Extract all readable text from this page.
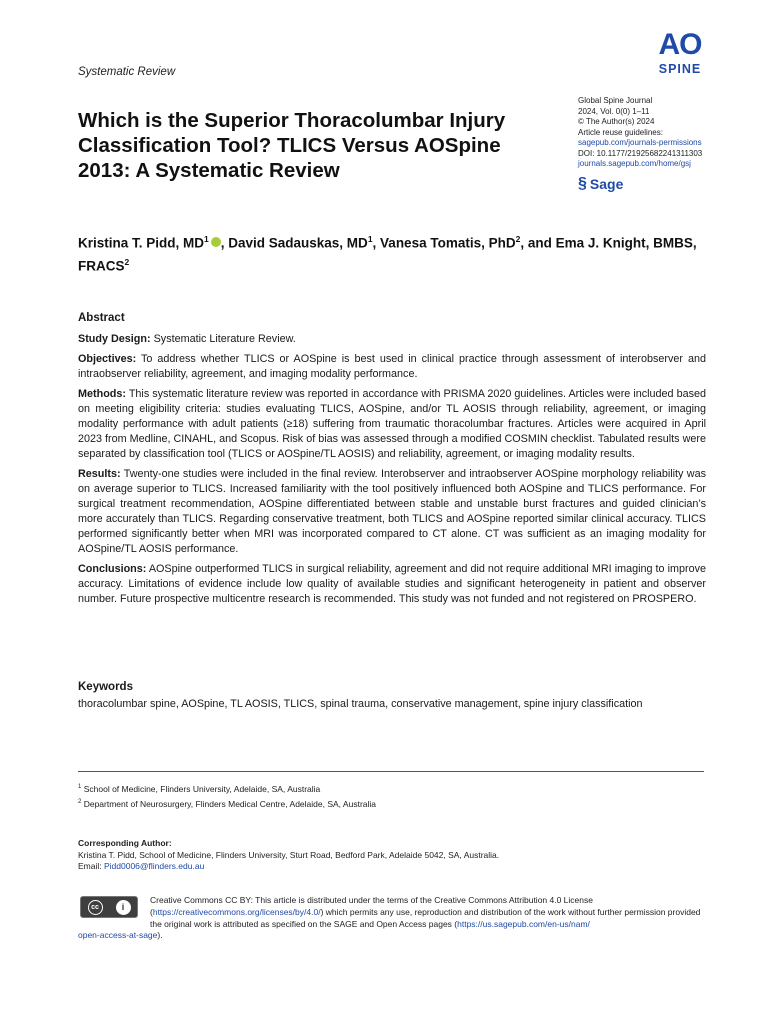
Systematic Review
AO
SPINE
Which is the Superior Thoracolumbar Injury Classification Tool? TLICS Versus AOSpine 2013: A Systematic Review
Global Spine Journal
2024, Vol. 0(0) 1–11
© The Author(s) 2024
Article reuse guidelines:
sagepub.com/journals-permissions
DOI: 10.1177/21925682241311303
journals.sagepub.com/home/gsj
§ Sage
Kristina T. Pidd, $MD^1$ , David Sadauskas, $MD^1$, Vanesa Tomatis, PhD$^2$, and Ema J. Knight, BMBS, FRACS$^2$
Abstract

Study Design: Systematic Literature Review.

Objectives: To address whether TLICS or AOSpine is best used in clinical practice through assessment of interobserver and intraobserver reliability, agreement, and imaging modality performance.

Methods: This systematic literature review was reported in accordance with PRISMA 2020 guidelines. Articles were included based on meeting eligibility criteria: studies evaluating TLICS, AOSpine, and/or TL AOSIS through reliability, agreement, or imaging modality performance with adult patients (≥18) suffering from traumatic thoracolumbar fractures. Articles were acquired in April 2023 from Medline, CINAHL, and Scopus. Risk of bias was assessed through a modified COSMIN checklist. Tabulated results were separated by classification tool (TLICS or AOSpine/TL AOSIS) and reliability, agreement, or imaging modality results.

Results: Twenty-one studies were included in the final review. Interobserver and intraobserver AOSpine morphology reliability was on average superior to TLICS. Increased familiarity with the tool positively influenced both AOSpine and TLICS performance. For surgical treatment recommendation, AOSpine differentiated between stable and unstable burst fractures and guided clinician’s more accurately than TLICS. Regarding conservative treatment, both TLICS and AOSpine reported similar clinical accuracy. TLICS performed significantly better when MRI was incorporated compared to CT alone. CT was sufficient as an imaging modality for AOSpine/TL AOSIS performance.

Conclusions: AOSpine outperformed TLICS in surgical reliability, agreement and did not require additional MRI imaging to improve accuracy. Limitations of evidence include low quality of available studies and significant heterogeneity in patient and observer number. Future prospective multicentre research is recommended. This study was not funded and not registered on PROSPERO.

Keywords
thoracolumbar spine, AOSpine, TL AOSIS, TLICS, spinal trauma, conservative management, spine injury classification
$^1$ School of Medicine, Flinders University, Adelaide, SA, Australia
$^2$ Department of Neurosurgery, Flinders Medical Centre, Adelaide, SA, Australia
Corresponding Author:
Kristina T. Pidd, School of Medicine, Flinders University, Sturt Road, Bedford Park, Adelaide 5042, SA, Australia.
Email: Pidd0006@flinders.edu.au
cc	i
Creative Commons CC BY: This article is distributed under the terms of the Creative Commons Attribution 4.0 License (https://creativecommons.org/licenses/by/4.0/) which permits any use, reproduction and distribution of the work without further permission provided the original work is attributed as specified on the SAGE and Open Access pages (https://us.sagepub.com/en-us/nam/
open-access-at-sage).
